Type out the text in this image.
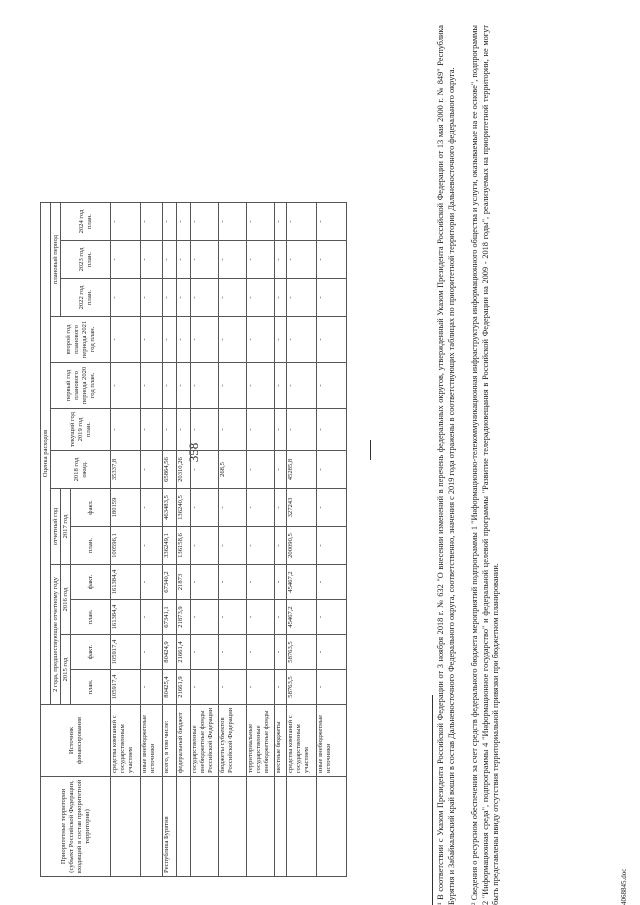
358
Приоритетные территории (субъект Российской Федерации, входящий в состав приоритетной территории)	Источник финансирования	Оценка расходов												
		2 года, предшествующие отчетному году				отчетный год		2018 год ожид.	текущий год 2019 год план.	первый год планового периода 2020 год план.	второй год планового периода 2021 год план.	плановый период		
		2015 год		2016 год		2017 год						2022 год план.	2023 год план.	2024 год план.
		план.	факт.	план.	факт.	план.	факт.							
	средства компаний с государственным участием	105917,4	105917,4	161384,4	161384,4	100596,1	180159	35337,8	-	-	-	-	-	-
	иные внебюджетные источники	-	-	-	-	-	-	-	-	-	-	-	-	-
Республика Бурятия	всего, в том числе:	80425,4	80424,9	67341,1	67340,2	336249,1	463483,5	65864,56	-	-	-	-	-	-
	федеральный бюджет	21661,9	21661,4	21873,9	21873	136158,6	136240,5	20310,26	-	-	-	-	-	-
	государственные внебюджетные фонды Российской Федерации	-	-	-	-	-	-	-	-	-	-	-	-	-
	бюджеты субъектов Российской Федерации	-	-	-	-	-	-	268,5	-	-	-	-	-	-
	территориальные государственные внебюджетные фонды	-	-	-	-	-	-	-	-	-	-	-	-	-
	местные бюджеты	-	-	-	-	-	-	-	-	-	-	-	-	-
	средства компаний с государственным участием	58763,5	58763,5	45467,2	45467,2	200090,5	327243	45285,8	-	-	-	-	-	-
	иные внебюджетные источники	-	-	-	-	-	-	-	-	-	-	-	-	-	¹ В соответствии с Указом Президента Российской Федерации от 3 ноября 2018 г. № 632 "О внесении изменений в перечень федеральных округов, утвержденный Указом Президента Российской Федерации от 13 мая 2000 г. № 849" Республика Бурятия и Забайкальский край вошли в состав Дальневосточного Федерального округа, соответственно, значения с 2019 года отражены в соответствующих таблицах по приоритетной территории Дальневосточного федерального округа. ² Сведения о ресурсном обеспечении за счет средств федерального бюджета мероприятий подпрограммы 1 "Информационно-телекоммуникационная инфраструктура информационного общества и услуги, оказываемые на ее основе", подпрограммы 2 "Информационная среда", подпрограммы 4 "Информационное государство" и федеральной целевой программы "Развитие телерадиовещания в Российской Федерации на 2009 - 2018 годы", реализуемых на приоритетной территории, не могут быть представлены ввиду отсутствия территориальной привязки при бюджетном планировании.	4068845.doc
